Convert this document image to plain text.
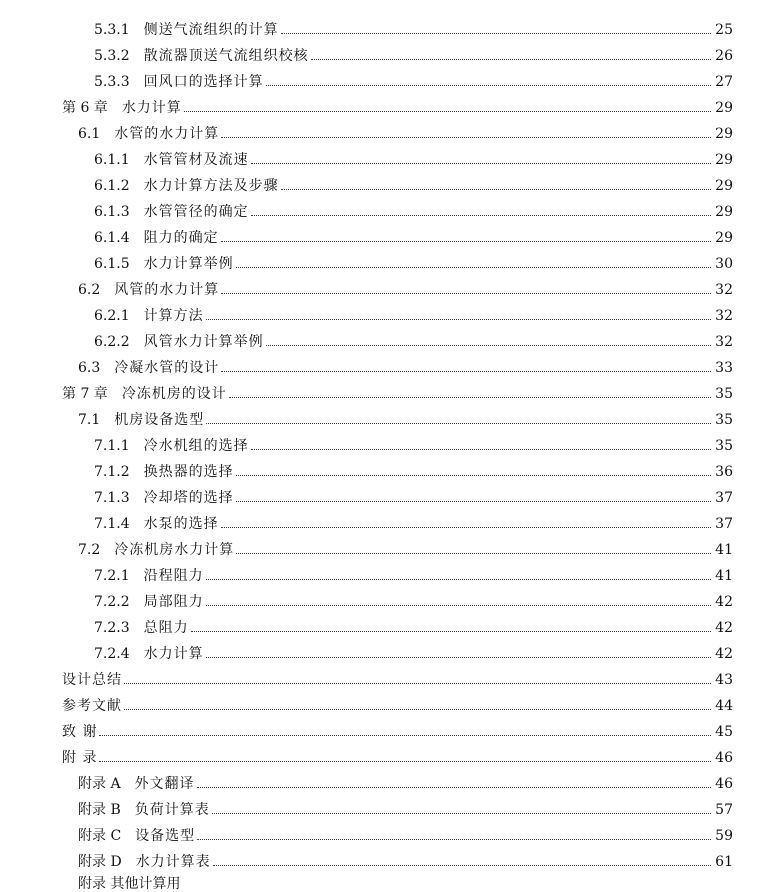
5.3.1 侧送气流组织的计算	25
5.3.2 散流器顶送气流组织校核	26
5.3.3 回风口的选择计算	27
第 6 章 水力计算	29
6.1 水管的水力计算	29
6.1.1 水管管材及流速	29
6.1.2 水力计算方法及步骤	29
6.1.3 水管管径的确定	29
6.1.4 阻力的确定	29
6.1.5 水力计算举例	30
6.2 风管的水力计算	32
6.2.1 计算方法	32
6.2.2 风管水力计算举例	32
6.3 冷凝水管的设计	33
第 7 章 冷冻机房的设计	35
7.1 机房设备选型	35
7.1.1 冷水机组的选择	35
7.1.2 换热器的选择	36
7.1.3 冷却塔的选择	37
7.1.4 水泵的选择	37
7.2 冷冻机房水力计算	41
7.2.1 沿程阻力	41
7.2.2 局部阻力	42
7.2.3 总阻力	42
7.2.4 水力计算	42
设计总结	43
参考文献	44
致 谢	45
附 录	46
附录 A 外文翻译	46
附录 B 负荷计算表	57
附录 C 设备选型	59
附录 D 水力计算表	61
附录 其他计算用
